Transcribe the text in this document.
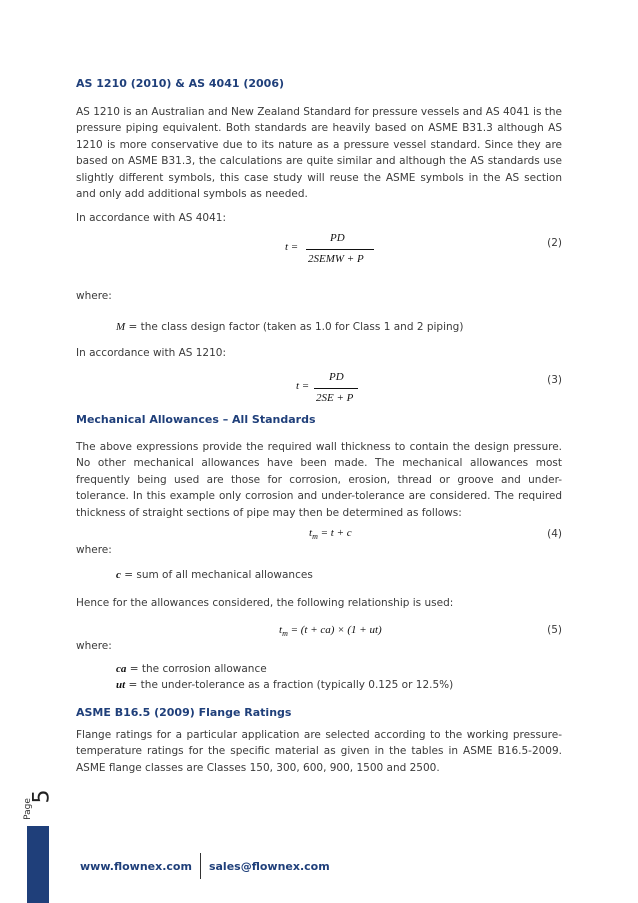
AS 1210 (2010) & AS 4041 (2006)
AS 1210 is an Australian and New Zealand Standard for pressure vessels and AS 4041 is the pressure piping equivalent. Both standards are heavily based on ASME B31.3 although AS 1210 is more conservative due to its nature as a pressure vessel standard. Since they are based on ASME B31.3, the calculations are quite similar and although the AS standards use slightly different symbols, this case study will reuse the ASME symbols in the AS section and only add additional symbols as needed.
In accordance with AS 4041:
t =
PD
2SEMW + P
(2)
where:
M = the class design factor (taken as 1.0 for Class 1 and 2 piping)
In accordance with AS 1210:
t =
PD
2SE + P
(3)
Mechanical Allowances – All Standards
The above expressions provide the required wall thickness to contain the design pressure. No other mechanical allowances have been made. The mechanical allowances most frequently being used are those for corrosion, erosion, thread or groove and under-tolerance. In this example only corrosion and under-tolerance are considered. The required thickness of straight sections of pipe may then be determined as follows:
$t_m = t + c$	(4)
where:
c = sum of all mechanical allowances
Hence for the allowances considered, the following relationship is used:
$t_m = (t + ca) \times (1 + ut)$	(5)
where:
ca = the corrosion allowance
ut = the under-tolerance as a fraction (typically 0.125 or 12.5%)
ASME B16.5 (2009) Flange Ratings
Flange ratings for a particular application are selected according to the working pressure-temperature ratings for the specific material as given in the tables in ASME B16.5-2009. ASME flange classes are Classes 150, 300, 600, 900, 1500 and 2500.
Page
5
www.flownex.com sales@flownex.com
